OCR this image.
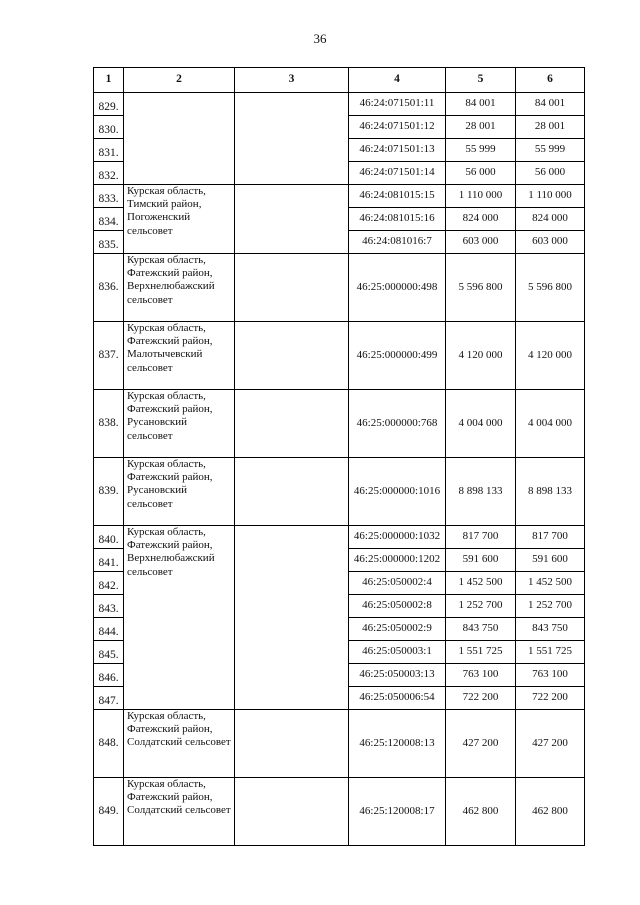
36
1	2	3	4	5	6
829.			46:24:071501:11	84 001	84 001
830.			46:24:071501:12	28 001	28 001
831.			46:24:071501:13	55 999	55 999
832.			46:24:071501:14	56 000	56 000
833.	Курская область, Тимский район, Погоженский сельсовет		46:24:081015:15	1 110 000	1 110 000
834.			46:24:081015:16	824 000	824 000
835.			46:24:081016:7	603 000	603 000
836.	Курская область, Фатежский район, Верхнелюбажский сельсовет		46:25:000000:498	5 596 800	5 596 800
837.	Курская область, Фатежский район, Малотычевский сельсовет		46:25:000000:499	4 120 000	4 120 000
838.	Курская область, Фатежский район, Русановский сельсовет		46:25:000000:768	4 004 000	4 004 000
839.	Курская область, Фатежский район, Русановский сельсовет		46:25:000000:1016	8 898 133	8 898 133
840.	Курская область, Фатежский район, Верхнелюбажский сельсовет		46:25:000000:1032	817 700	817 700
841.			46:25:000000:1202	591 600	591 600
842.			46:25:050002:4	1 452 500	1 452 500
843.			46:25:050002:8	1 252 700	1 252 700
844.			46:25:050002:9	843 750	843 750
845.			46:25:050003:1	1 551 725	1 551 725
846.			46:25:050003:13	763 100	763 100
847.			46:25:050006:54	722 200	722 200
848.	Курская область, Фатежский район, Солдатский сельсовет		46:25:120008:13	427 200	427 200
849.	Курская область, Фатежский район, Солдатский сельсовет		46:25:120008:17	462 800	462 800
